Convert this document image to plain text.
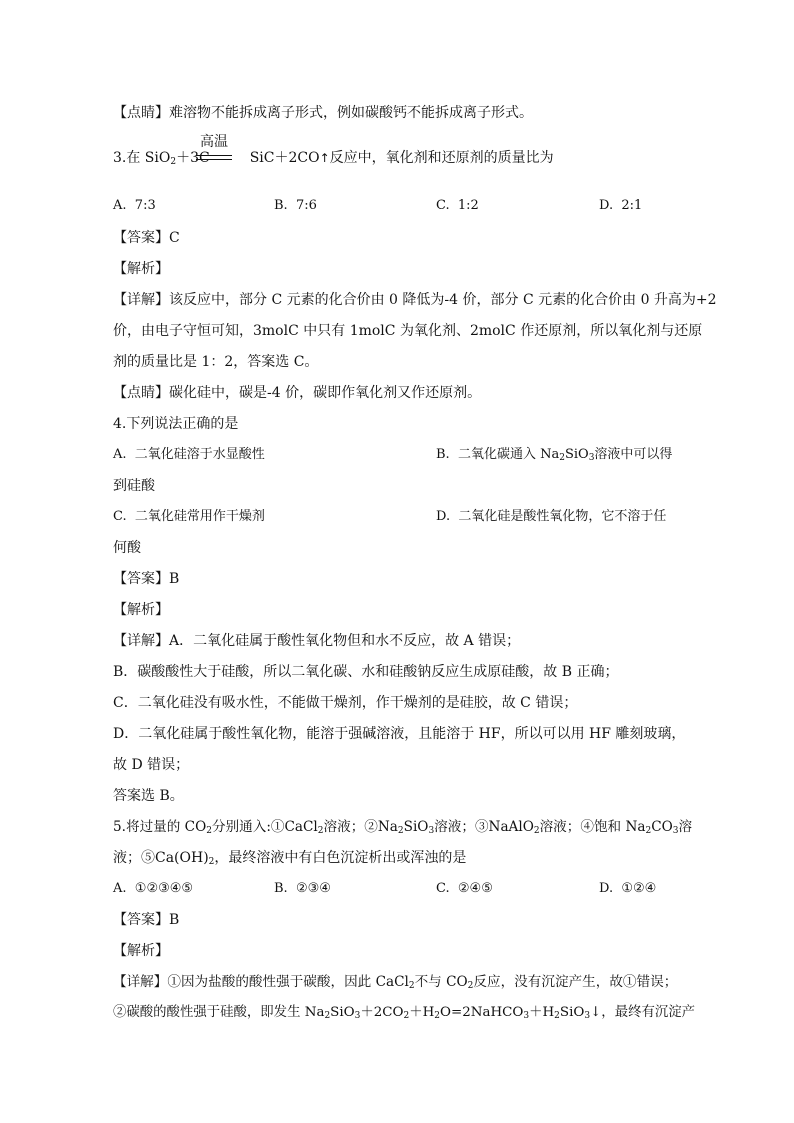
【点睛】难溶物不能拆成离子形式，例如碳酸钙不能拆成离子形式。
高温
3.在 SiO$_2$＋3C	SiC＋2CO↑反应中，氧化剂和还原剂的质量比为
A. 7:3	B. 7:6	C. 1:2	D. 2:1
【答案】C
【解析】
【详解】该反应中，部分 C 元素的化合价由 0 降低为-4 价，部分 C 元素的化合价由 0 升高为+2
价，由电子守恒可知，3molC 中只有 1molC 为氧化剂、2molC 作还原剂，所以氧化剂与还原
剂的质量比是 1：2，答案选 C。
【点睛】碳化硅中，碳是-4 价，碳即作氧化剂又作还原剂。
4.下列说法正确的是
A. 二氧化硅溶于水显酸性	B. 二氧化碳通入 $Na_2SiO_3$溶液中可以得
到硅酸
C. 二氧化硅常用作干燥剂	D. 二氧化硅是酸性氧化物，它不溶于任
何酸
【答案】B
【解析】
【详解】A．二氧化硅属于酸性氧化物但和水不反应，故 A 错误；
B．碳酸酸性大于硅酸，所以二氧化碳、水和硅酸钠反应生成原硅酸，故 B 正确；
C．二氧化硅没有吸水性，不能做干燥剂，作干燥剂的是硅胶，故 C 错误；
D．二氧化硅属于酸性氧化物，能溶于强碱溶液，且能溶于 HF，所以可以用 HF 雕刻玻璃，
故 D 错误；
答案选 B。
5.将过量的 $CO_2$分别通入:①CaCl$_2$溶液；$②Na_2SiO_3$溶液；③NaAlO$_2$溶液；④饱和 $Na_2CO_3$溶
液；$⑤Ca(OH)_2$，最终溶液中有白色沉淀析出或浑浊的是
A. ①②③④⑤	B. ②③④	C. ②④⑤	D. ①②④
【答案】B
【解析】
【详解】①因为盐酸的酸性强于碳酸，因此 CaCl$_2$不与 $CO_2$反应，没有沉淀产生，故①错误；
②碳酸的酸性强于硅酸，即发生 $Na_2SiO_3+2CO_2+H_2O=2NaHCO_3+H_2SiO_3↓$，最终有沉淀产
